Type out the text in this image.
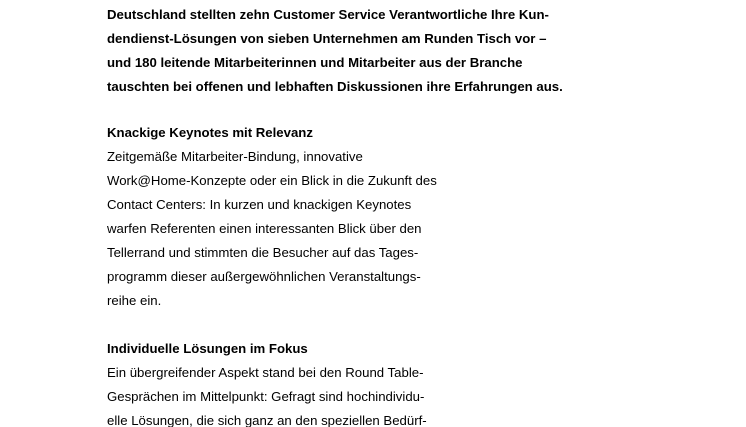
Deutschland stellten zehn Customer Service Verantwortliche Ihre Kun-
dendienst-Lösungen von sieben Unternehmen am Runden Tisch vor –
und 180 leitende Mitarbeiterinnen und Mitarbeiter aus der Branche
tauschten bei offenen und lebhaften Diskussionen ihre Erfahrungen aus.
Knackige Keynotes mit Relevanz
Zeitgemäße Mitarbeiter-Bindung, innovative
Work@Home-Konzepte oder ein Blick in die Zukunft des
Contact Centers: In kurzen und knackigen Keynotes
warfen Referenten einen interessanten Blick über den
Tellerrand und stimmten die Besucher auf das Tages-
programm dieser außergewöhnlichen Veranstaltungs-
reihe ein.
Individuelle Lösungen im Fokus
Ein übergreifender Aspekt stand bei den Round Table-
Gesprächen im Mittelpunkt: Gefragt sind hochindividu-
elle Lösungen, die sich ganz an den speziellen Bedürf-
